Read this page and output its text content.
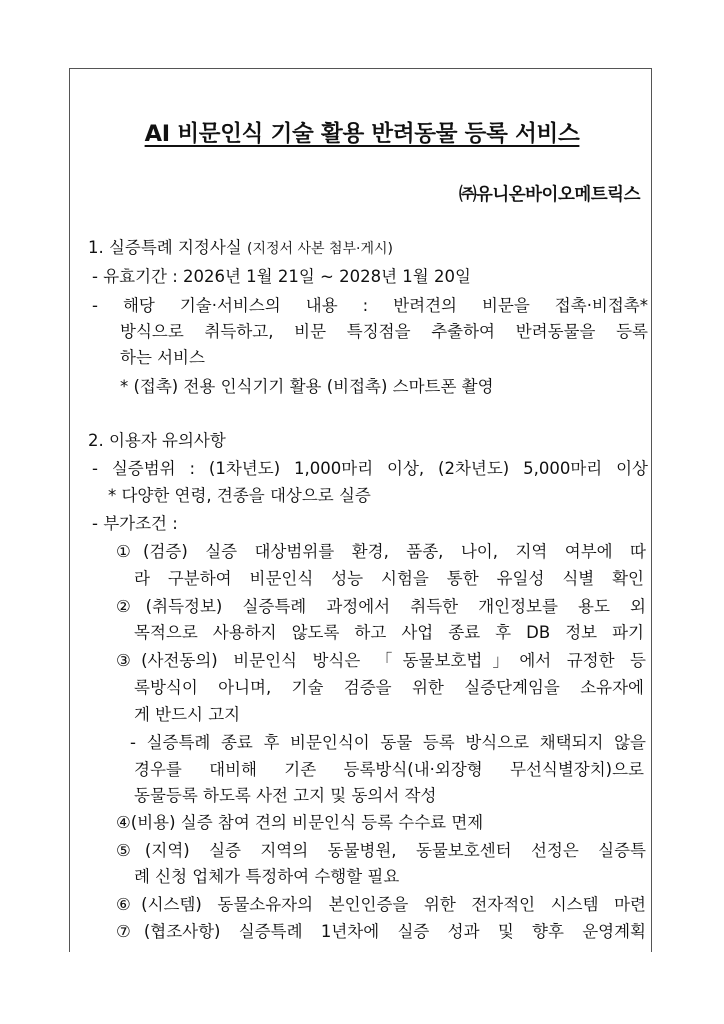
AI 비문인식 기술 활용 반려동물 등록 서비스
㈜유니온바이오메트릭스
1. 실증특례 지정사실 (지정서 사본 첨부·게시)
- 유효기간 : 2026년 1월 21일 ~ 2028년 1월 20일
- 해당 기술·서비스의 내용 : 반려견의 비문을 접촉·비접촉*
방식으로 취득하고, 비문 특징점을 추출하여 반려동물을 등록
하는 서비스
* (접촉) 전용 인식기기 활용 (비접촉) 스마트폰 촬영
2. 이용자 유의사항
- 실증범위 : (1차년도) 1,000마리 이상, (2차년도) 5,000마리 이상
* 다양한 연령, 견종을 대상으로 실증
- 부가조건 :
①(검증) 실증 대상범위를 환경, 품종, 나이, 지역 여부에 따
라 구분하여 비문인식 성능 시험을 통한 유일성 식별 확인
②(취득정보) 실증특례 과정에서 취득한 개인정보를 용도 외
목적으로 사용하지 않도록 하고 사업 종료 후 DB 정보 파기
③(사전동의) 비문인식 방식은 「동물보호법」에서 규정한 등
록방식이 아니며, 기술 검증을 위한 실증단계임을 소유자에
게 반드시 고지
- 실증특례 종료 후 비문인식이 동물 등록 방식으로 채택되지 않을
경우를 대비해 기존 등록방식(내·외장형 무선식별장치)으로
동물등록 하도록 사전 고지 및 동의서 작성
④(비용) 실증 참여 견의 비문인식 등록 수수료 면제
⑤(지역) 실증 지역의 동물병원, 동물보호센터 선정은 실증특
례 신청 업체가 특정하여 수행할 필요
⑥(시스템) 동물소유자의 본인인증을 위한 전자적인 시스템 마련
⑦(협조사항) 실증특례 1년차에 실증 성과 및 향후 운영계획
